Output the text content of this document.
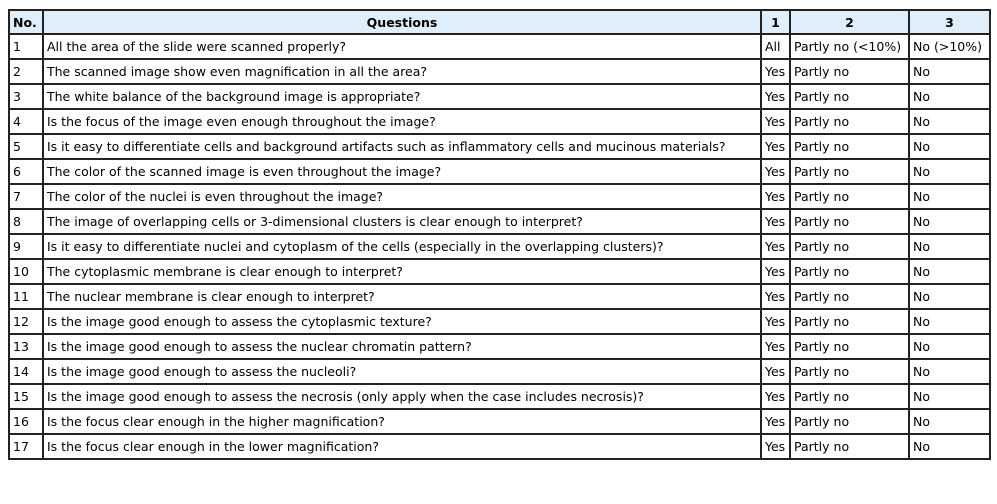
No.	Questions	1	2	3
1	All the area of the slide were scanned properly?	All	Partly no (<10%)	No (>10%)
2	The scanned image show even magnification in all the area?	Yes	Partly no	No
3	The white balance of the background image is appropriate?	Yes	Partly no	No
4	Is the focus of the image even enough throughout the image?	Yes	Partly no	No
5	Is it easy to differentiate cells and background artifacts such as inflammatory cells and mucinous materials?	Yes	Partly no	No
6	The color of the scanned image is even throughout the image?	Yes	Partly no	No
7	The color of the nuclei is even throughout the image?	Yes	Partly no	No
8	The image of overlapping cells or 3-dimensional clusters is clear enough to interpret?	Yes	Partly no	No
9	Is it easy to differentiate nuclei and cytoplasm of the cells (especially in the overlapping clusters)?	Yes	Partly no	No
10	The cytoplasmic membrane is clear enough to interpret?	Yes	Partly no	No
11	The nuclear membrane is clear enough to interpret?	Yes	Partly no	No
12	Is the image good enough to assess the cytoplasmic texture?	Yes	Partly no	No
13	Is the image good enough to assess the nuclear chromatin pattern?	Yes	Partly no	No
14	Is the image good enough to assess the nucleoli?	Yes	Partly no	No
15	Is the image good enough to assess the necrosis (only apply when the case includes necrosis)?	Yes	Partly no	No
16	Is the focus clear enough in the higher magnification?	Yes	Partly no	No
17	Is the focus clear enough in the lower magnification?	Yes	Partly no	No
